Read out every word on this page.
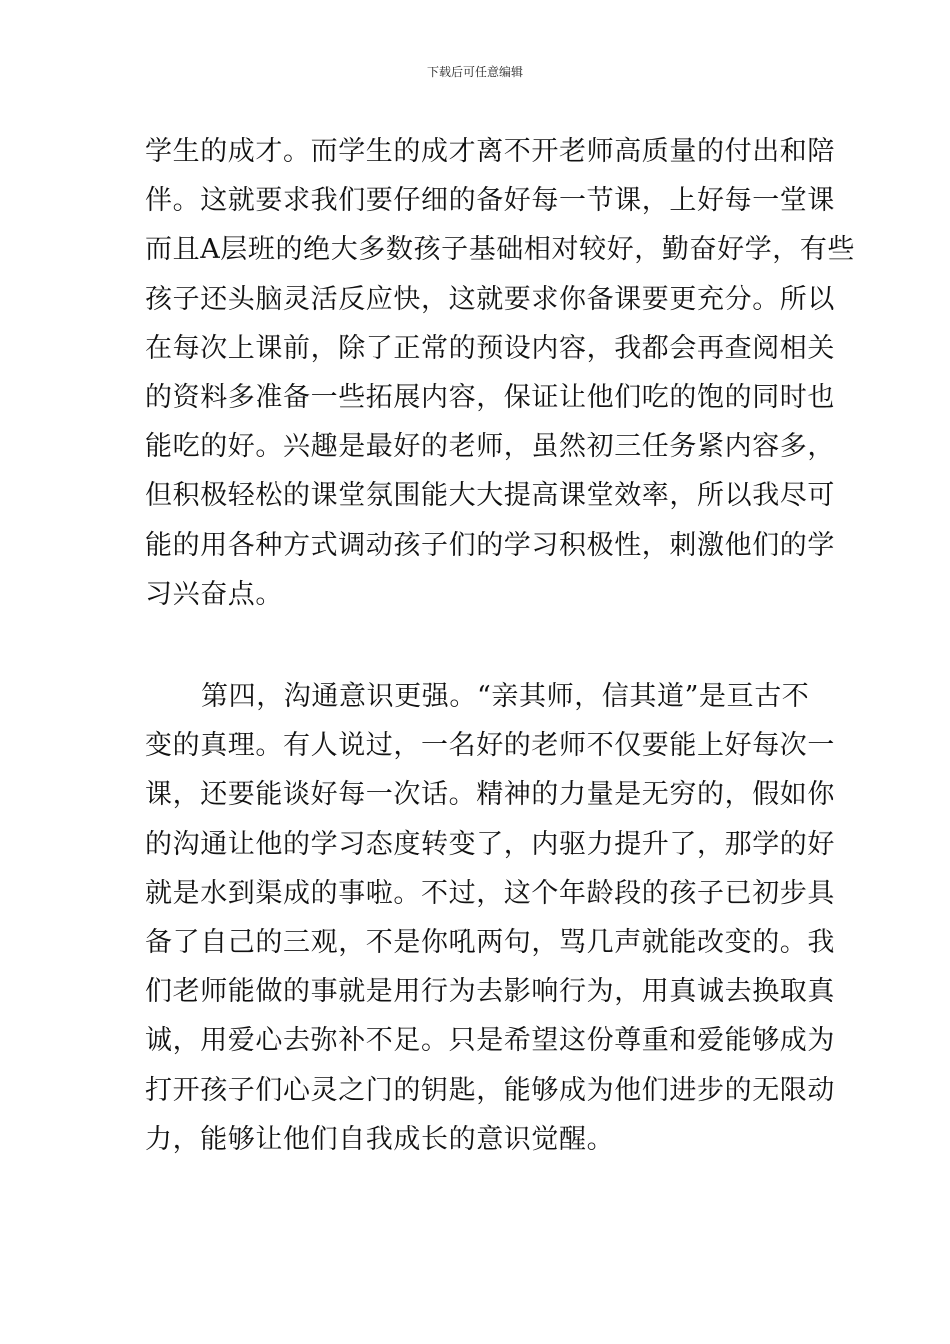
下载后可任意编辑
学生的成才。而学生的成才离不开老师高质量的付出和陪
伴。这就要求我们要仔细的备好每一节课，上好每一堂课
而且A层班的绝大多数孩子基础相对较好，勤奋好学，有些
孩子还头脑灵活反应快，这就要求你备课要更充分。所以
在每次上课前，除了正常的预设内容，我都会再查阅相关
的资料多准备一些拓展内容，保证让他们吃的饱的同时也
能吃的好。兴趣是最好的老师，虽然初三任务紧内容多，
但积极轻松的课堂氛围能大大提高课堂效率，所以我尽可
能的用各种方式调动孩子们的学习积极性，刺激他们的学
习兴奋点。
第四，沟通意识更强。“亲其师，信其道”是亘古不
变的真理。有人说过，一名好的老师不仅要能上好每次一
课，还要能谈好每一次话。精神的力量是无穷的，假如你
的沟通让他的学习态度转变了，内驱力提升了，那学的好
就是水到渠成的事啦。不过，这个年龄段的孩子已初步具
备了自己的三观，不是你吼两句，骂几声就能改变的。我
们老师能做的事就是用行为去影响行为，用真诚去换取真
诚，用爱心去弥补不足。只是希望这份尊重和爱能够成为
打开孩子们心灵之门的钥匙，能够成为他们进步的无限动
力，能够让他们自我成长的意识觉醒。
